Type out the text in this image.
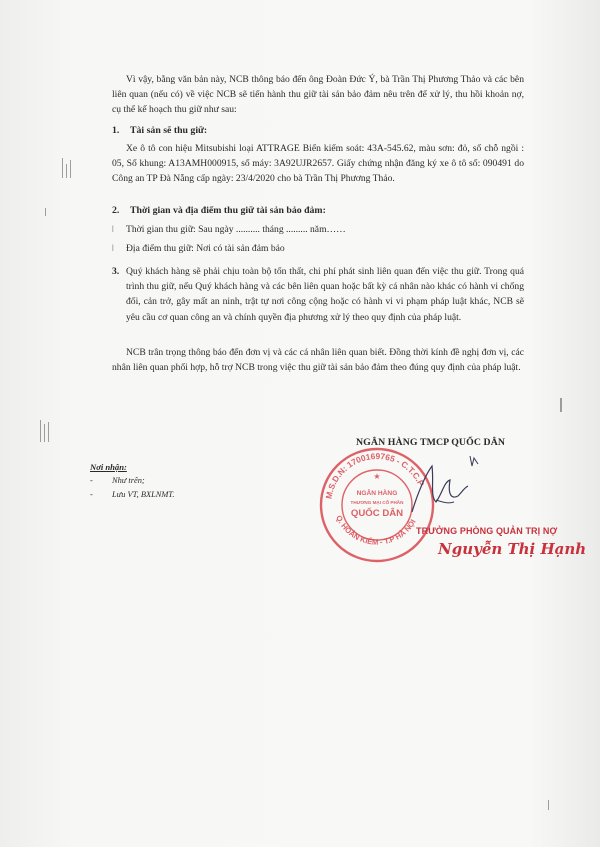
Vì vậy, bằng văn bản này, NCB thông báo đến ông Đoàn Đức Ý, bà Trần Thị Phương Thảo và các bên liên quan (nếu có) về việc NCB sẽ tiến hành thu giữ tài sản bảo đảm nêu trên để xử lý, thu hồi khoản nợ, cụ thể kế hoạch thu giữ như sau:
1. Tài sản sẽ thu giữ:
Xe ô tô con hiệu Mitsubishi loại ATTRAGE Biển kiểm soát: 43A-545.62, màu sơn: đỏ, số chỗ ngồi : 05, Số khung: A13AMH000915, số máy: 3A92UJR2657. Giấy chứng nhận đăng ký xe ô tô số: 090491 do Công an TP Đà Nẵng cấp ngày: 23/4/2020 cho bà Trần Thị Phương Thảo.
2. Thời gian và địa điểm thu giữ tài sản bảo đảm:
ǀ Thời gian thu giữ: Sau ngày .......... tháng ......... năm……
ǀ Địa điểm thu giữ: Nơi có tài sản đảm bảo
3. Quý khách hàng sẽ phải chịu toàn bộ tổn thất, chi phí phát sinh liên quan đến việc thu giữ. Trong quá trình thu giữ, nếu Quý khách hàng và các bên liên quan hoặc bất kỳ cá nhân nào khác có hành vi chống đối, cản trở, gây mất an ninh, trật tự nơi công cộng hoặc có hành vi vi phạm pháp luật khác, NCB sẽ yêu cầu cơ quan công an và chính quyền địa phương xử lý theo quy định của pháp luật.
NCB trân trọng thông báo đến đơn vị và các cá nhân liên quan biết. Đồng thời kính đề nghị đơn vị, các nhân liên quan phối hợp, hỗ trợ NCB trong việc thu giữ tài sản bảo đảm theo đúng quy định của pháp luật.
NGÂN HÀNG TMCP QUỐC DÂN
Nơi nhận:
- Như trên;
- Lưu VT, BXLNMT.	M.S.D.N: 1700169765 - C.T.C.P
Q. HOÀN KIẾM - T.P HÀ NỘI
NGÂN HÀNG
THƯƠNG MẠI CỔ PHẦN
QUỐC DÂN
★
TRƯỞNG PHÒNG QUẢN TRỊ NỢ
Nguyễn Thị Hạnh
